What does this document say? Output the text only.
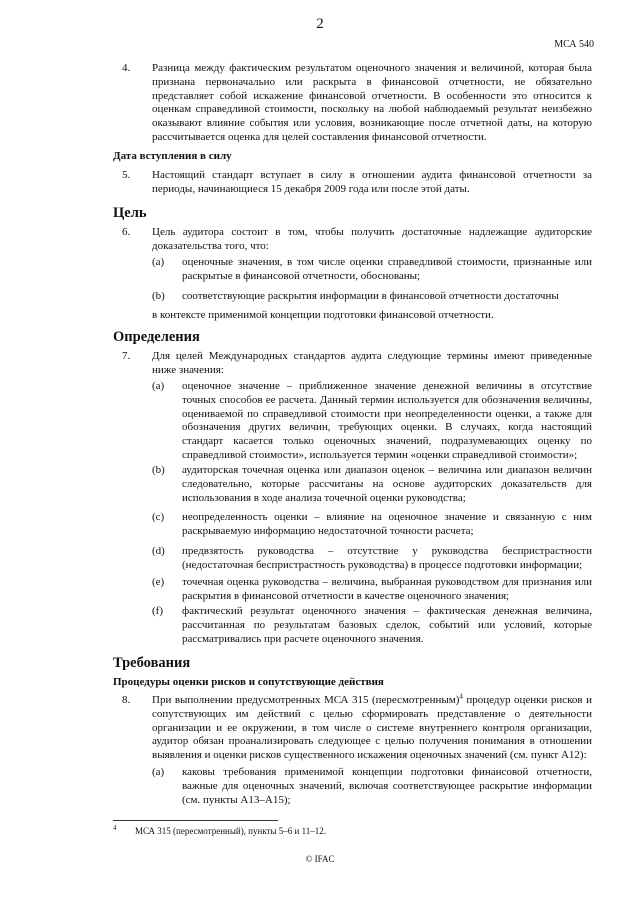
2
МСА 540
4. Разница между фактическим результатом оценочного значения и величиной, которая была признана первоначально или раскрыта в финансовой отчетности, не обязательно представляет собой искажение финансовой отчетности. В особенности это относится к оценкам справедливой стоимости, поскольку на любой наблюдаемый результат неизбежно оказывают влияние события или условия, возникающие после отчетной даты, на которую рассчитывается оценка для целей составления финансовой отчетности.
Дата вступления в силу
5. Настоящий стандарт вступает в силу в отношении аудита финансовой отчетности за периоды, начинающиеся 15 декабря 2009 года или после этой даты.
Цель
6. Цель аудитора состоит в том, чтобы получить достаточные надлежащие аудиторские доказательства того, что:
(a) оценочные значения, в том числе оценки справедливой стоимости, признанные или раскрытые в финансовой отчетности, обоснованы;
(b) соответствующие раскрытия информации в финансовой отчетности достаточны
в контексте применимой концепции подготовки финансовой отчетности.
Определения
7. Для целей Международных стандартов аудита следующие термины имеют приведенные ниже значения:
(a) оценочное значение – приближенное значение денежной величины в отсутствие точных способов ее расчета. Данный термин используется для обозначения величины, оцениваемой по справедливой стоимости при неопределенности оценки, а также для обозначения других величин, требующих оценки. В случаях, когда настоящий стандарт касается только оценочных значений, подразумевающих оценку по справедливой стоимости», используется термин «оценки справедливой стоимости»;
(b) аудиторская точечная оценка или диапазон оценок – величина или диапазон величин следовательно, которые рассчитаны на основе аудиторских доказательств для использования в ходе анализа точечной оценки руководства;
(c) неопределенность оценки – влияние на оценочное значение и связанную с ним раскрываемую информацию недостаточной точности расчета;
(d) предвзятость руководства – отсутствие у руководства беспристрастности (недостаточная беспристрастность руководства) в процессе подготовки информации;
(e) точечная оценка руководства – величина, выбранная руководством для признания или раскрытия в финансовой отчетности в качестве оценочного значения;
(f) фактический результат оценочного значения – фактическая денежная величина, рассчитанная по результатам базовых сделок, событий или условий, которые рассматривались при расчете оценочного значения.
Требования
Процедуры оценки рисков и сопутствующие действия
8. При выполнении предусмотренных МСА 315 (пересмотренным)$^4$ процедур оценки рисков и сопутствующих им действий с целью сформировать представление о деятельности организации и ее окружении, в том числе о системе внутреннего контроля организации, аудитор обязан проанализировать следующее с целью получения понимания в отношении выявления и оценки рисков существенного искажения оценочных значений (см. пункт А12):
(a) каковы требования применимой концепции подготовки финансовой отчетности, важные для оценочных значений, включая соответствующее раскрытие информации (см. пункты А13–А15);
4 МСА 315 (пересмотренный), пункты 5–6 и 11–12.
© IFAC
